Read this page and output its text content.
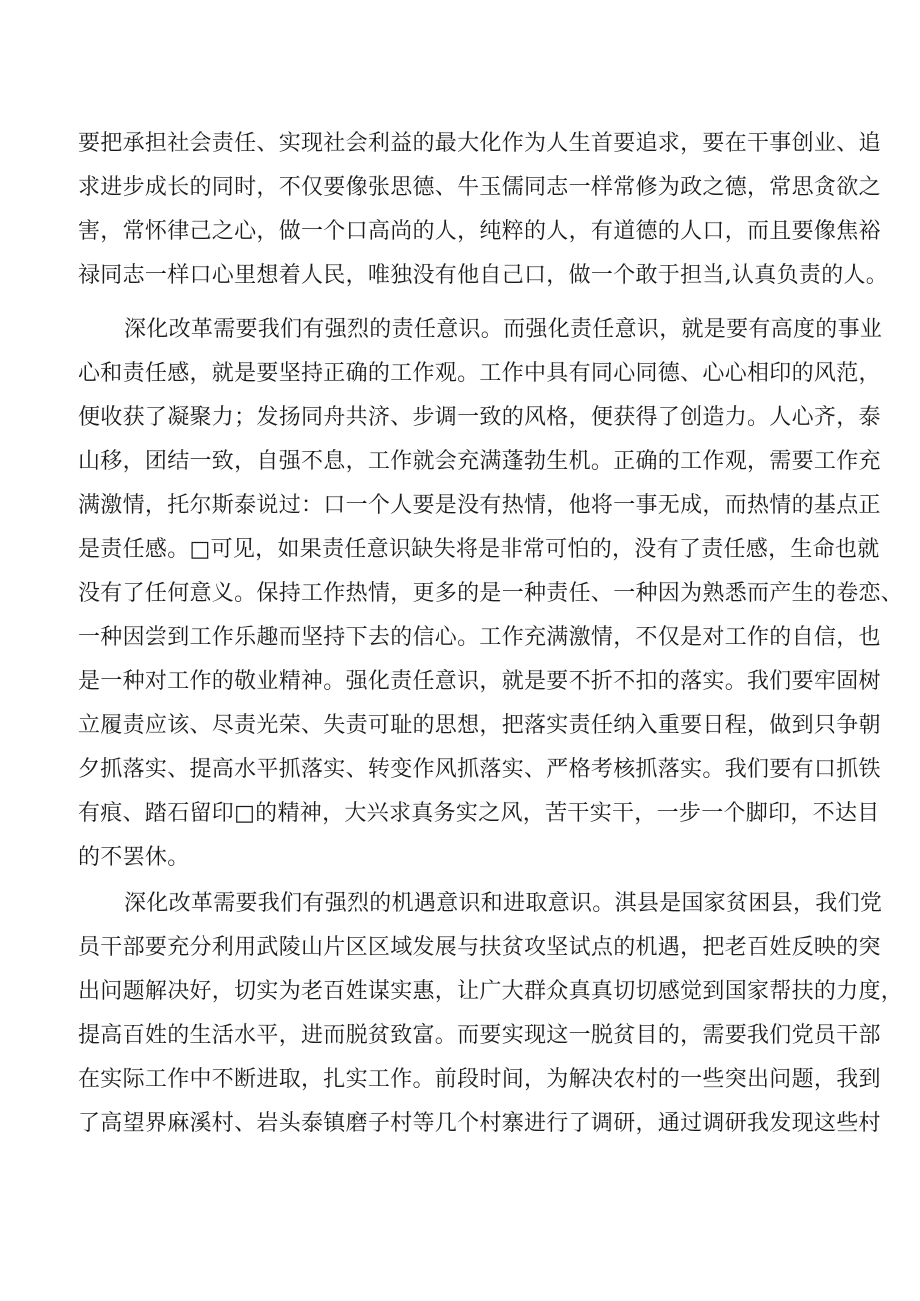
要把承担社会责任、实现社会利益的最大化作为人生首要追求，要在干事创业、追
求进步成长的同时，不仅要像张思德、牛玉儒同志一样常修为政之德，常思贪欲之
害，常怀律己之心，做一个口高尚的人，纯粹的人，有道德的人口，而且要像焦裕
禄同志一样口心里想着人民，唯独没有他自己口，做一个敢于担当,认真负责的人。
深化改革需要我们有强烈的责任意识。而强化责任意识，就是要有高度的事业
心和责任感，就是要坚持正确的工作观。工作中具有同心同德、心心相印的风范，
便收获了凝聚力；发扬同舟共济、步调一致的风格，便获得了创造力。人心齐，泰
山移，团结一致，自强不息，工作就会充满蓬勃生机。正确的工作观，需要工作充
满激情，托尔斯泰说过：口一个人要是没有热情，他将一事无成，而热情的基点正
是责任感。□可见，如果责任意识缺失将是非常可怕的，没有了责任感，生命也就
没有了任何意义。保持工作热情，更多的是一种责任、一种因为熟悉而产生的卷恋、
一种因尝到工作乐趣而坚持下去的信心。工作充满激情，不仅是对工作的自信，也
是一种对工作的敬业精神。强化责任意识，就是要不折不扣的落实。我们要牢固树
立履责应该、尽责光荣、失责可耻的思想，把落实责任纳入重要日程，做到只争朝
夕抓落实、提高水平抓落实、转变作风抓落实、严格考核抓落实。我们要有口抓铁
有痕、踏石留印□的精神，大兴求真务实之风，苦干实干，一步一个脚印，不达目
的不罢休。
深化改革需要我们有强烈的机遇意识和进取意识。淇县是国家贫困县，我们党
员干部要充分利用武陵山片区区域发展与扶贫攻坚试点的机遇，把老百姓反映的突
出问题解决好，切实为老百姓谋实惠，让广大群众真真切切感觉到国家帮扶的力度，
提高百姓的生活水平，进而脱贫致富。而要实现这一脱贫目的，需要我们党员干部
在实际工作中不断进取，扎实工作。前段时间，为解决农村的一些突出问题，我到
了高望界麻溪村、岩头泰镇磨子村等几个村寨进行了调研，通过调研我发现这些村
